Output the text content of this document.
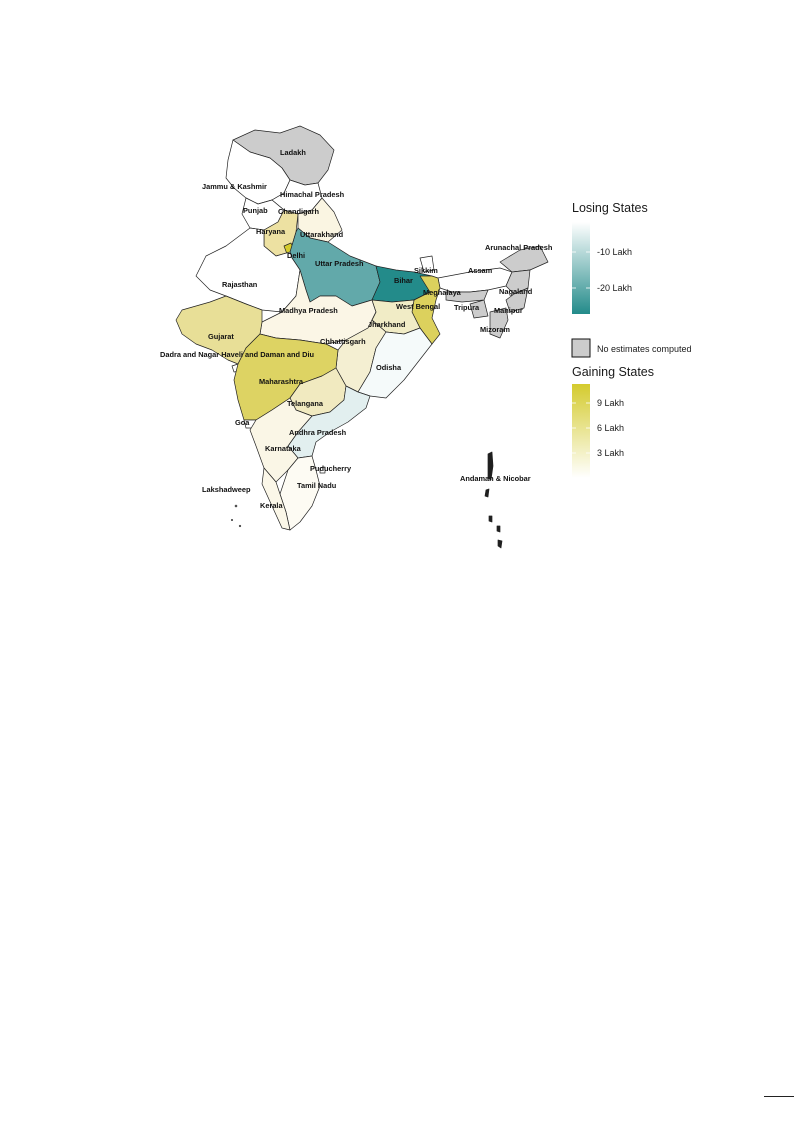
Ladakh
Jammu & Kashmir
Himachal Pradesh
Punjab Chandigarh
Haryana Uttarakhand
Delhi
Uttar Pradesh
Rajasthan	Bihar
Sikkim	Assam
Arunachal Pradesh
Nagaland
Meghalaya
Tripura Manipur
Mizoram
Madhya Pradesh	West Bengal
Jharkhand
Gujarat
Chhattisgarh
Dadra and Nagar Haveli and Daman and Diu
Odisha
Maharashtra
Telangana
Goa
Andhra Pradesh
Karnataka
Puducherry
Tamil Nadu
Andaman & Nicobar
Lakshadweep
Kerala
Losing States
-10 Lakh
-20 Lakh
No estimates computed
Gaining States
9 Lakh
6 Lakh
3 Lakh
